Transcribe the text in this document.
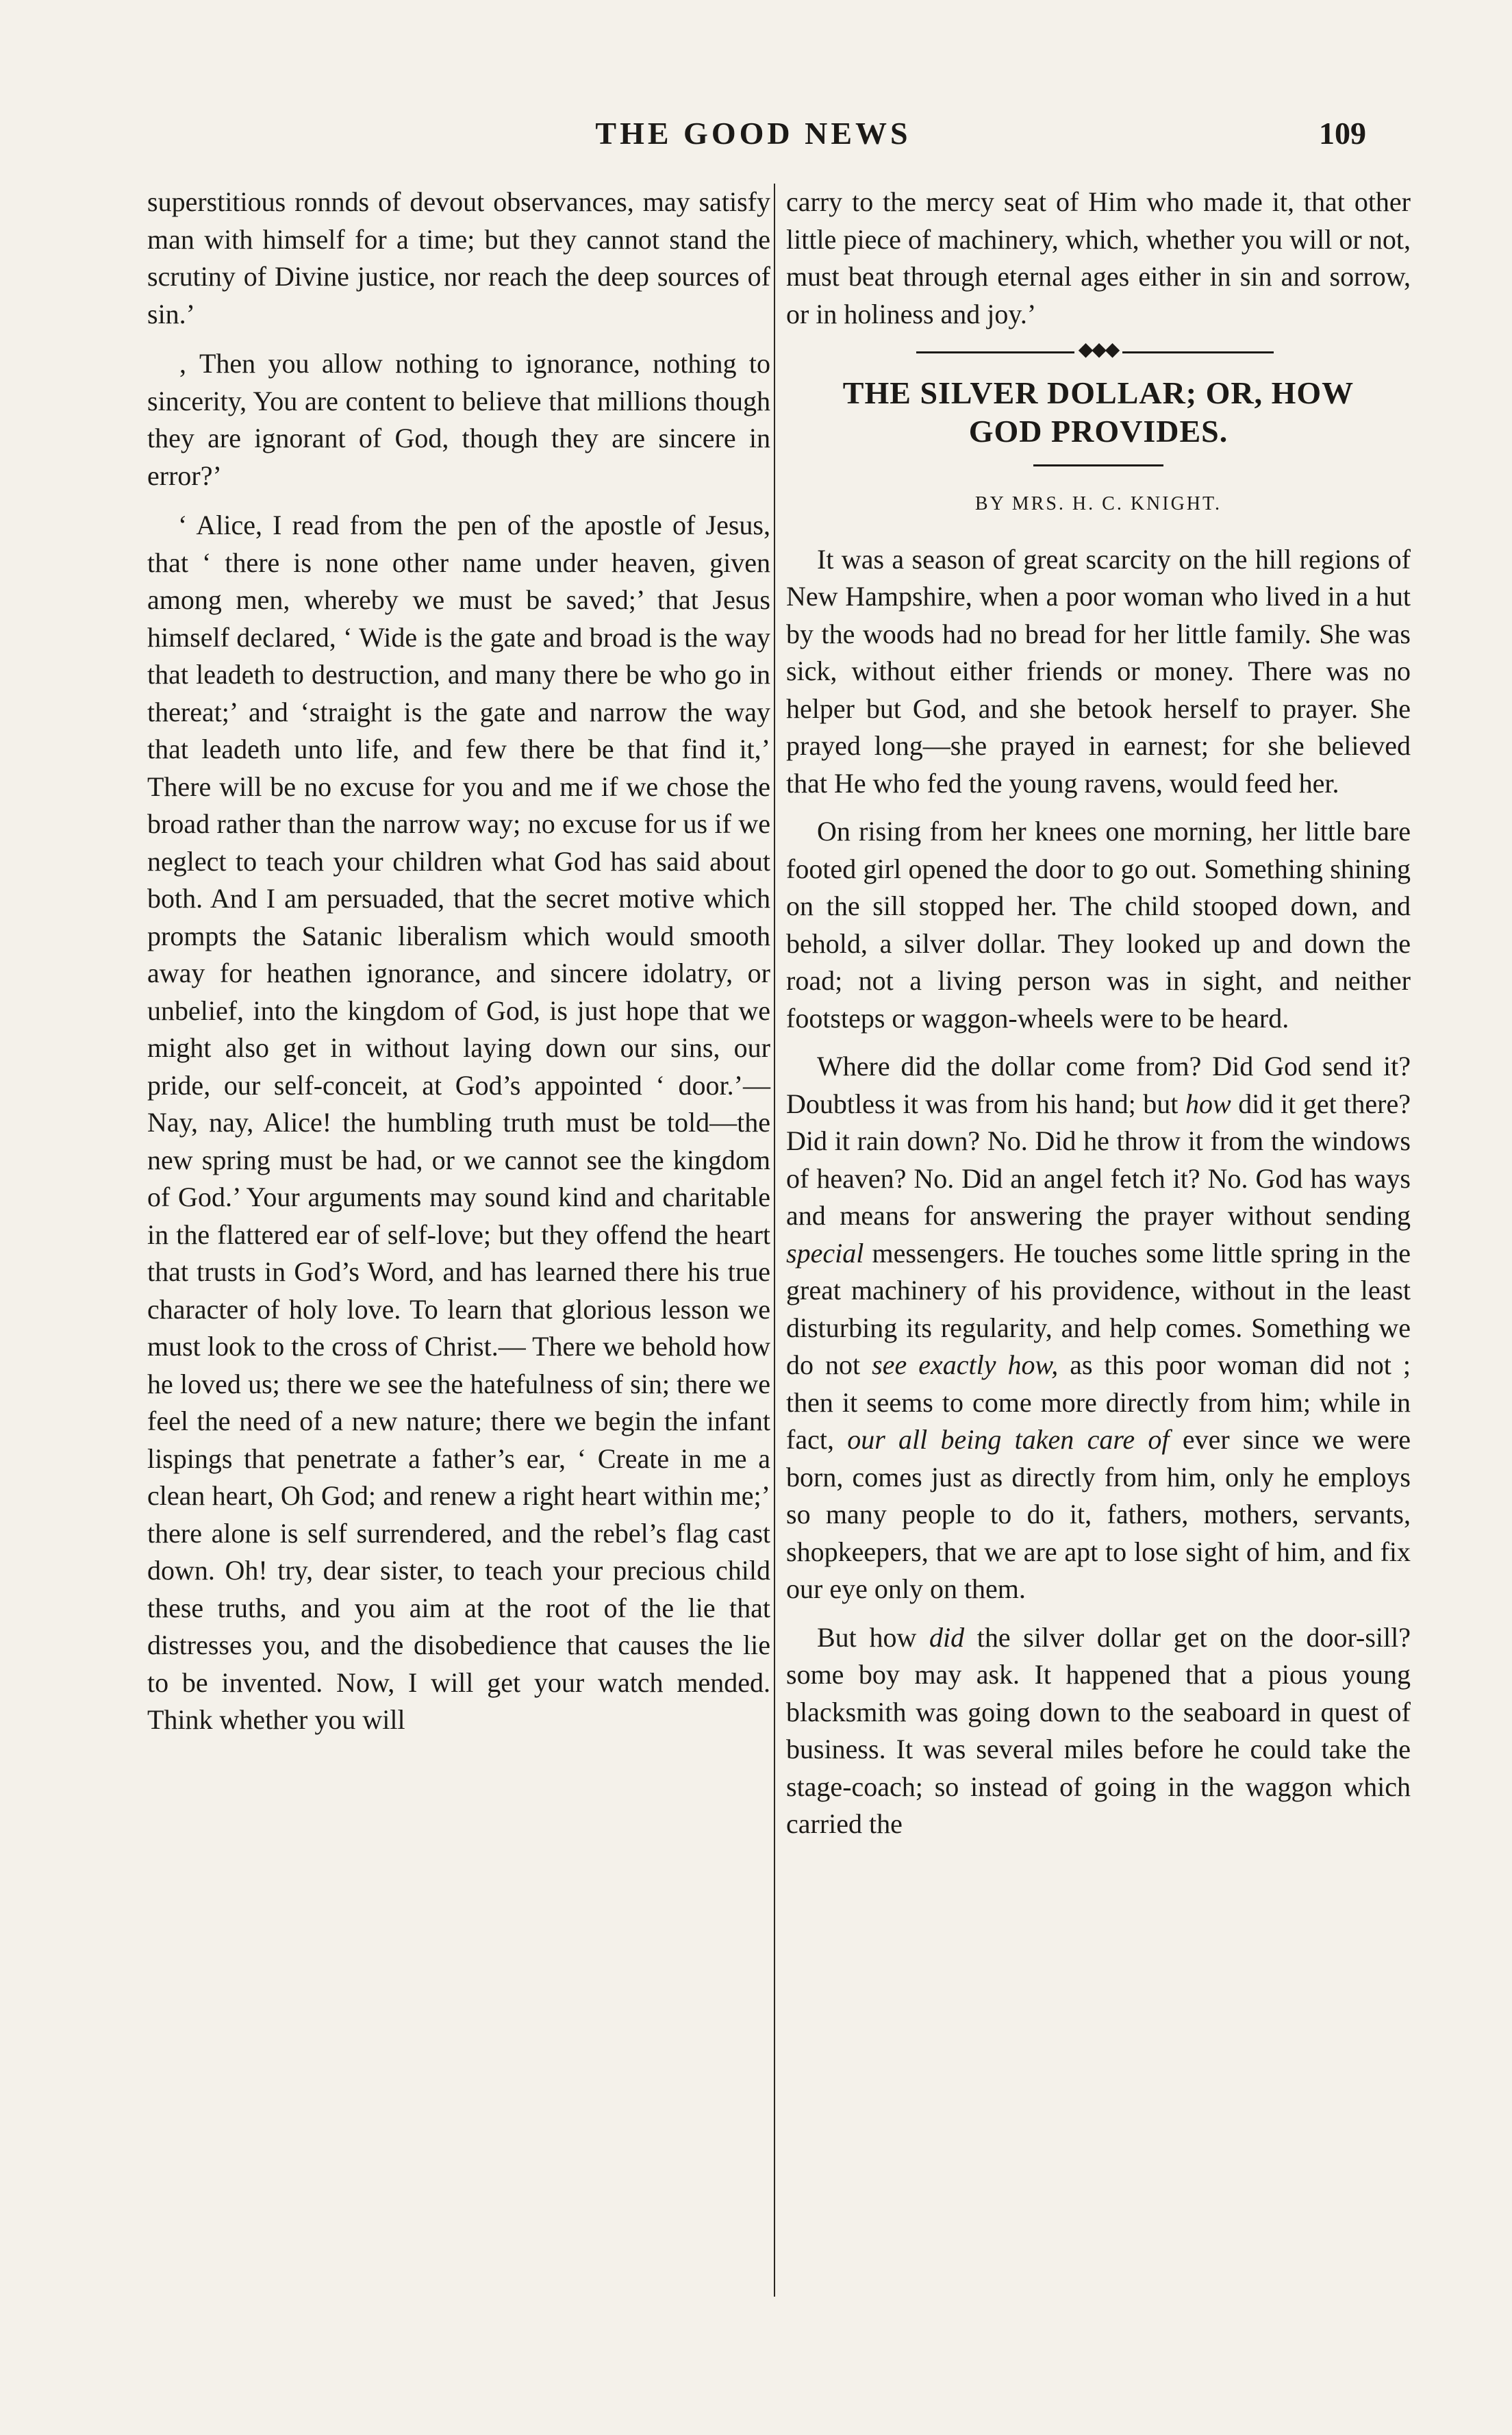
THE GOOD NEWS	109

superstitious ronnds of devout observances, may satisfy man with himself for a time; but they cannot stand the scrutiny of Divine justice, nor reach the deep sources of sin.’

‚ Then you allow nothing to ignorance, nothing to sincerity, You are content to believe that millions though they are ignorant of God, though they are sincere in error?’

‘ Alice, I read from the pen of the apostle of Jesus, that ‘ there is none other name under heaven, given among men, whereby we must be saved;’ that Jesus himself declared, ‘ Wide is the gate and broad is the way that leadeth to destruction, and many there be who go in thereat;’ and ‘straight is the gate and narrow the way that leadeth unto life, and few there be that find it,’ There will be no excuse for you and me if we chose the broad rather than the narrow way; no excuse for us if we neglect to teach your children what God has said about both. And I am persuaded, that the secret motive which prompts the Satanic liberalism which would smooth away for heathen ignorance, and sincere idolatry, or unbelief, into the kingdom of God, is just hope that we might also get in without laying down our sins, our pride, our self-conceit, at God’s appointed ‘ door.’— Nay, nay, Alice! the humbling truth must be told—the new spring must be had, or we cannot see the kingdom of God.’ Your arguments may sound kind and charitable in the flattered ear of self-love; but they offend the heart that trusts in God’s Word, and has learned there his true character of holy love. To learn that glorious lesson we must look to the cross of Christ.— There we behold how he loved us; there we see the hatefulness of sin; there we feel the need of a new nature; there we begin the infant lispings that penetrate a father’s ear, ‘ Create in me a clean heart, Oh God; and renew a right heart within me;’ there alone is self surrendered, and the rebel’s flag cast down. Oh! try, dear sister, to teach your precious child these truths, and you aim at the root of the lie that distresses you, and the disobedience that causes the lie to be invented. Now, I will get your watch mended. Think whether you will

carry to the mercy seat of Him who made it, that other little piece of machinery, which, whether you will or not, must beat through eternal ages either in sin and sorrow, or in holiness and joy.’

◆◆◆
THE SILVER DOLLAR; OR, HOW
GOD PROVIDES.
BY MRS. H. C. KNIGHT.

It was a season of great scarcity on the hill regions of New Hampshire, when a poor woman who lived in a hut by the woods had no bread for her little family. She was sick, without either friends or money. There was no helper but God, and she betook herself to prayer. She prayed long—she prayed in earnest; for she believed that He who fed the young ravens, would feed her.

On rising from her knees one morning, her little bare footed girl opened the door to go out. Something shining on the sill stopped her. The child stooped down, and behold, a silver dollar. They looked up and down the road; not a living person was in sight, and neither footsteps or waggon-wheels were to be heard.

Where did the dollar come from? Did God send it? Doubtless it was from his hand; but how did it get there? Did it rain down? No. Did he throw it from the windows of heaven? No. Did an angel fetch it? No. God has ways and means for answering the prayer without sending special messengers. He touches some little spring in the great machinery of his providence, without in the least disturbing its regularity, and help comes. Something we do not see exactly how, as this poor woman did not ; then it seems to come more directly from him; while in fact, our all being taken care of ever since we were born, comes just as directly from him, only he employs so many people to do it, fathers, mothers, servants, shopkeepers, that we are apt to lose sight of him, and fix our eye only on them.

But how did the silver dollar get on the door-sill? some boy may ask. It happened that a pious young blacksmith was going down to the seaboard in quest of business. It was several miles before he could take the stage-coach; so instead of going in the waggon which carried the
